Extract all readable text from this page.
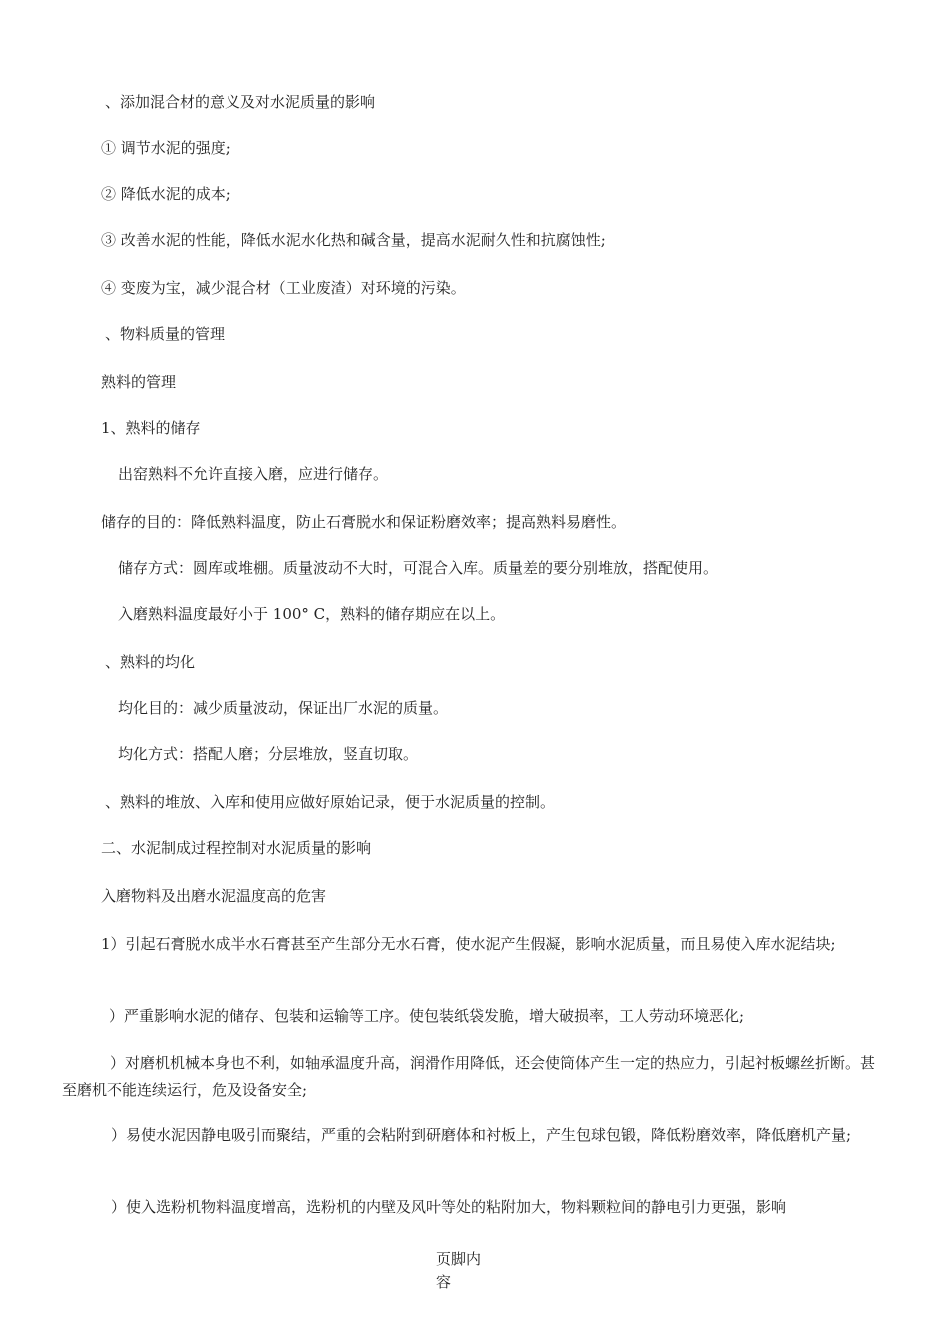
、添加混合材的意义及对水泥质量的影响
① 调节水泥的强度;
② 降低水泥的成本;
③ 改善水泥的性能，降低水泥水化热和碱含量，提高水泥耐久性和抗腐蚀性;
④ 变废为宝，减少混合材（工业废渣）对环境的污染。
、物料质量的管理
熟料的管理
1、熟料的储存
出窑熟料不允许直接入磨，应进行储存。
储存的目的：降低熟料温度，防止石膏脱水和保证粉磨效率；提高熟料易磨性。
储存方式：圆库或堆棚。质量波动不大时，可混合入库。质量差的要分别堆放，搭配使用。
入磨熟料温度最好小于 100° C，熟料的储存期应在以上。
、熟料的均化
均化目的：减少质量波动，保证出厂水泥的质量。
均化方式：搭配人磨；分层堆放，竖直切取。
、熟料的堆放、入库和使用应做好原始记录，便于水泥质量的控制。
二、水泥制成过程控制对水泥质量的影响
入磨物料及出磨水泥温度高的危害
1）引起石膏脱水成半水石膏甚至产生部分无水石膏，使水泥产生假凝，影响水泥质量，而且易使入库水泥结块;
）严重影响水泥的储存、包装和运输等工序。使包装纸袋发脆，增大破损率，工人劳动环境恶化;
）对磨机机械本身也不利，如轴承温度升高，润滑作用降低，还会使筒体产生一定的热应力，引起衬板螺丝折断。甚至磨机不能连续运行，危及设备安全;
）易使水泥因静电吸引而聚结，严重的会粘附到研磨体和衬板上，产生包球包锻，降低粉磨效率，降低磨机产量;
）使入选粉机物料温度增高，选粉机的内壁及风叶等处的粘附加大，物料颗粒间的静电引力更强，影响
页脚内容
